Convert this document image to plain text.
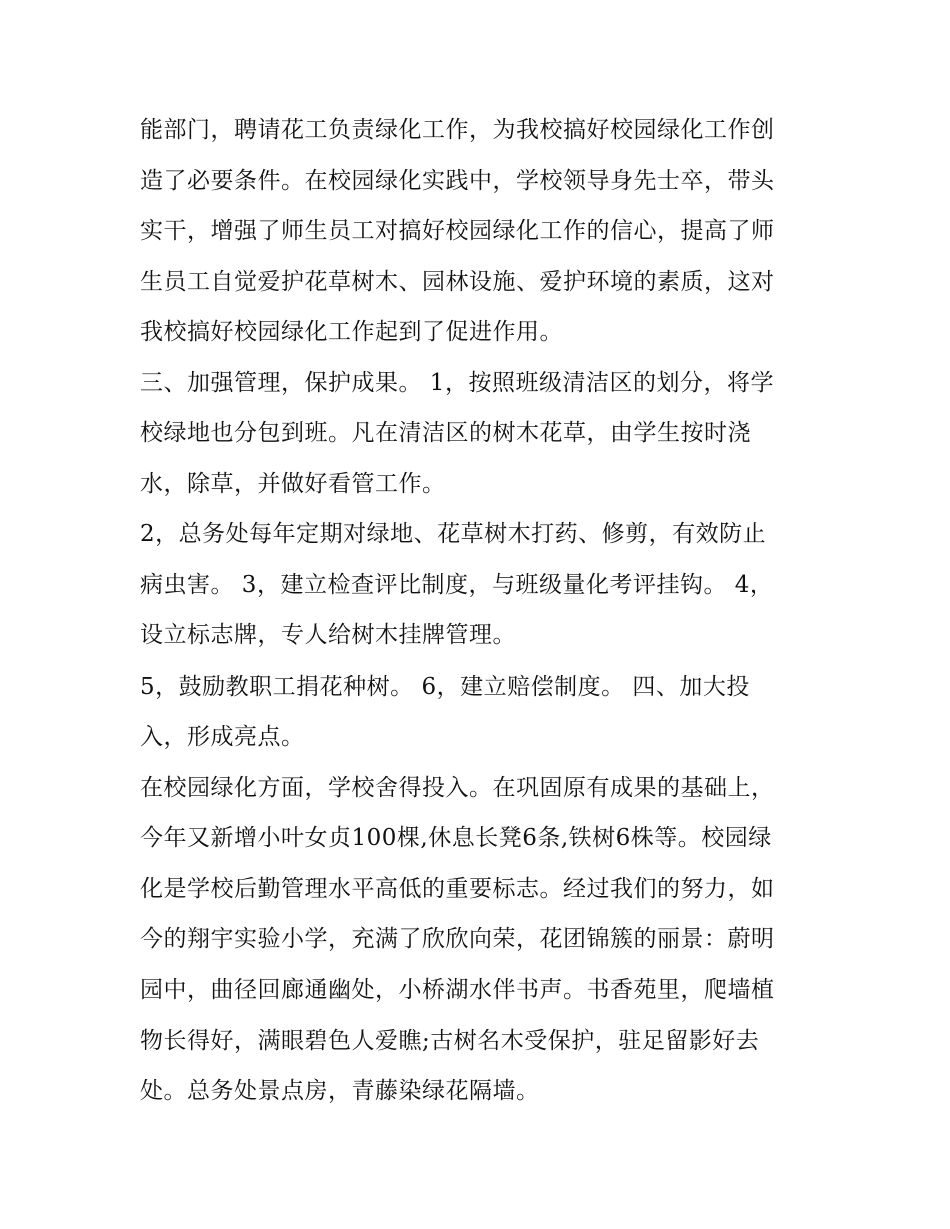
能部门，聘请花工负责绿化工作，为我校搞好校园绿化工作创
造了必要条件。在校园绿化实践中，学校领导身先士卒，带头
实干，增强了师生员工对搞好校园绿化工作的信心，提高了师
生员工自觉爱护花草树木、园林设施、爱护环境的素质，这对
我校搞好校园绿化工作起到了促进作用。
三、加强管理，保护成果。 1，按照班级清洁区的划分，将学
校绿地也分包到班。凡在清洁区的树木花草，由学生按时浇
水，除草，并做好看管工作。
2，总务处每年定期对绿地、花草树木打药、修剪，有效防止
病虫害。 3，建立检查评比制度，与班级量化考评挂钩。 4，
设立标志牌，专人给树木挂牌管理。
5，鼓励教职工捐花种树。 6，建立赔偿制度。 四、加大投
入，形成亮点。
在校园绿化方面，学校舍得投入。在巩固原有成果的基础上，
今年又新增小叶女贞100棵,休息长凳6条,铁树6株等。校园绿
化是学校后勤管理水平高低的重要标志。经过我们的努力，如
今的翔宇实验小学，充满了欣欣向荣，花团锦簇的丽景：蔚明
园中，曲径回廊通幽处，小桥湖水伴书声。书香苑里，爬墙植
物长得好，满眼碧色人爱瞧;古树名木受保护，驻足留影好去
处。总务处景点房，青藤染绿花隔墙。
